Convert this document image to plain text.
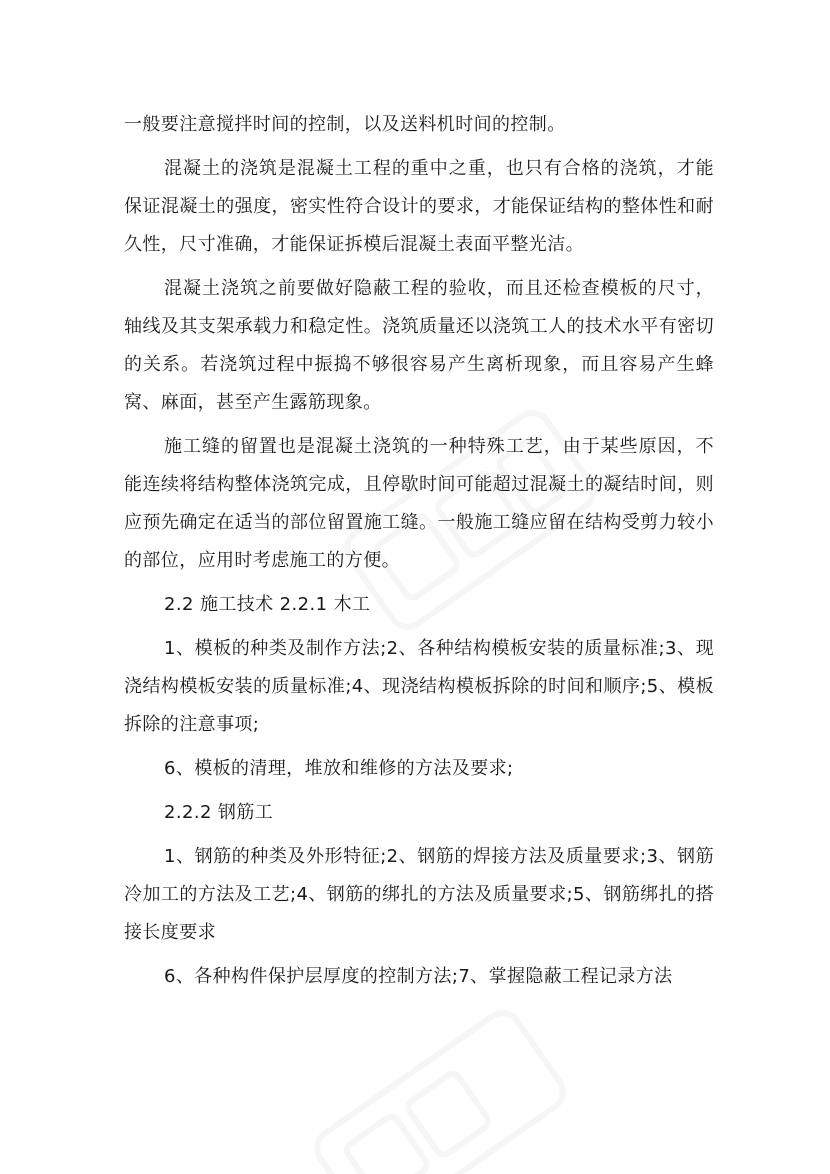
一般要注意搅拌时间的控制，以及送料机时间的控制。

混凝土的浇筑是混凝土工程的重中之重，也只有合格的浇筑，才能保证混凝土的强度，密实性符合设计的要求，才能保证结构的整体性和耐久性，尺寸准确，才能保证拆模后混凝土表面平整光洁。

混凝土浇筑之前要做好隐蔽工程的验收，而且还检查模板的尺寸，轴线及其支架承载力和稳定性。浇筑质量还以浇筑工人的技术水平有密切的关系。若浇筑过程中振捣不够很容易产生离析现象，而且容易产生蜂窝、麻面，甚至产生露筋现象。

施工缝的留置也是混凝土浇筑的一种特殊工艺，由于某些原因，不能连续将结构整体浇筑完成，且停歇时间可能超过混凝土的凝结时间，则应预先确定在适当的部位留置施工缝。一般施工缝应留在结构受剪力较小的部位，应用时考虑施工的方便。

2.2 施工技术 2.2.1 木工

1、模板的种类及制作方法;2、各种结构模板安装的质量标准;3、现浇结构模板安装的质量标准;4、现浇结构模板拆除的时间和顺序;5、模板拆除的注意事项;

6、模板的清理，堆放和维修的方法及要求;

2.2.2 钢筋工

1、钢筋的种类及外形特征;2、钢筋的焊接方法及质量要求;3、钢筋冷加工的方法及工艺;4、钢筋的绑扎的方法及质量要求;5、钢筋绑扎的搭接长度要求

6、各种构件保护层厚度的控制方法;7、掌握隐蔽工程记录方法
